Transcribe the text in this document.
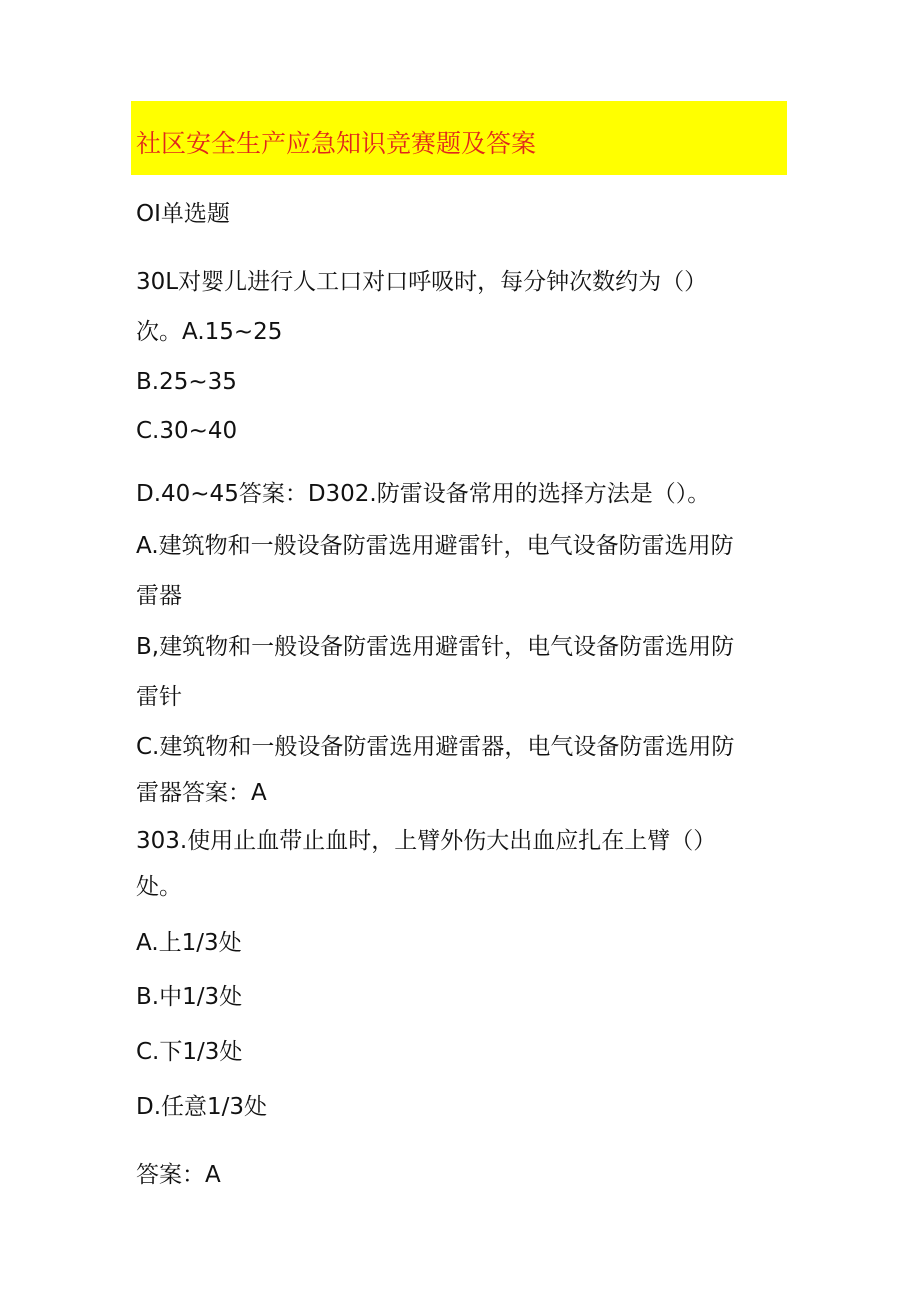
社区安全生产应急知识竞赛题及答案
OI单选题
30L对婴儿进行人工口对口呼吸时，每分钟次数约为（）
次。A.15~25
B.25~35
C.30~40
D.40~45答案：D302.防雷设备常用的选择方法是（）。
A.建筑物和一般设备防雷选用避雷针，电气设备防雷选用防
雷器
B,建筑物和一般设备防雷选用避雷针，电气设备防雷选用防
雷针
C.建筑物和一般设备防雷选用避雷器，电气设备防雷选用防
雷器答案：A
303.使用止血带止血时，上臂外伤大出血应扎在上臂（）
处。
A.上1/3处
B.中1/3处
C.下1/3处
D.任意1/3处
答案：A
